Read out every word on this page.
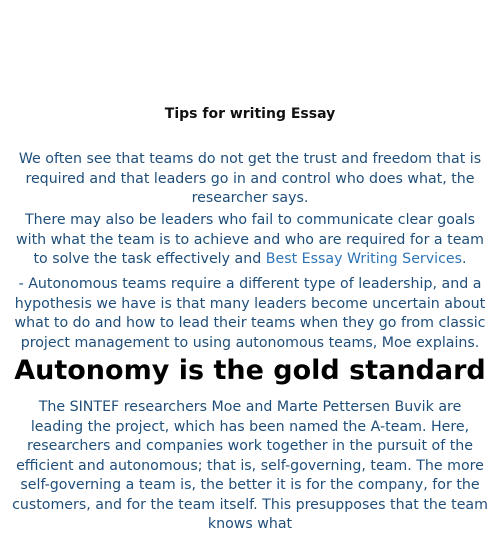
Tips for writing Essay

We often see that teams do not get the trust and freedom that is required and that leaders go in and control who does what, the researcher says.

There may also be leaders who fail to communicate clear goals with what the team is to achieve and who are required for a team to solve the task effectively and Best Essay Writing Services.

- Autonomous teams require a different type of leadership, and a hypothesis we have is that many leaders become uncertain about what to do and how to lead their teams when they go from classic project management to using autonomous teams, Moe explains.

Autonomy is the gold standard

The SINTEF researchers Moe and Marte Pettersen Buvik are leading the project, which has been named the A-team. Here, researchers and companies work together in the pursuit of the efficient and autonomous; that is, self-governing, team. The more self-governing a team is, the better it is for the company, for the customers, and for the team itself. This presupposes that the team knows what
